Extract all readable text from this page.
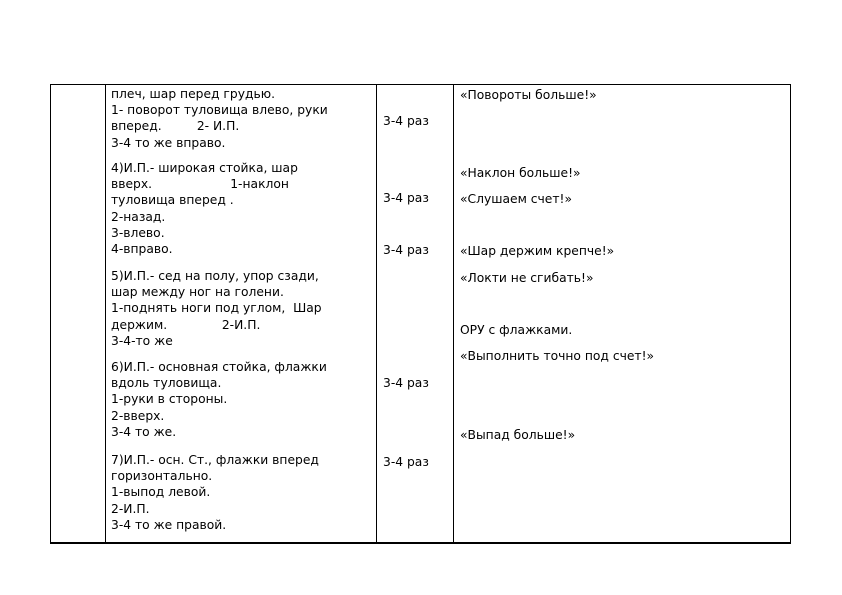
плеч, шар перед грудью.
1- поворот туловища влево, руки
вперед.         2- И.П.
3-4 то же вправо.
4)И.П.- широкая стойка, шар
вверх.                    1-наклон
туловища вперед .
2-назад.
3-влево.
4-вправо.
5)И.П.- сед на полу, упор сзади,
шар между ног на голени.
1-поднять ноги под углом,  Шар
держим.              2-И.П.
3-4-то же
6)И.П.- основная стойка, флажки
вдоль туловища.
1-руки в стороны.
2-вверх.
3-4 то же.
7)И.П.- осн. Ст., флажки вперед
горизонтально.
1-выпод левой.
2-И.П.
3-4 то же правой.
3-4 раз
3-4 раз
3-4 раз
3-4 раз
3-4 раз
«Повороты больше!»
«Наклон больше!»
«Слушаем счет!»
«Шар держим крепче!»
«Локти не сгибать!»
ОРУ с флажками.
«Выполнить точно под счет!»
«Выпад больше!»
